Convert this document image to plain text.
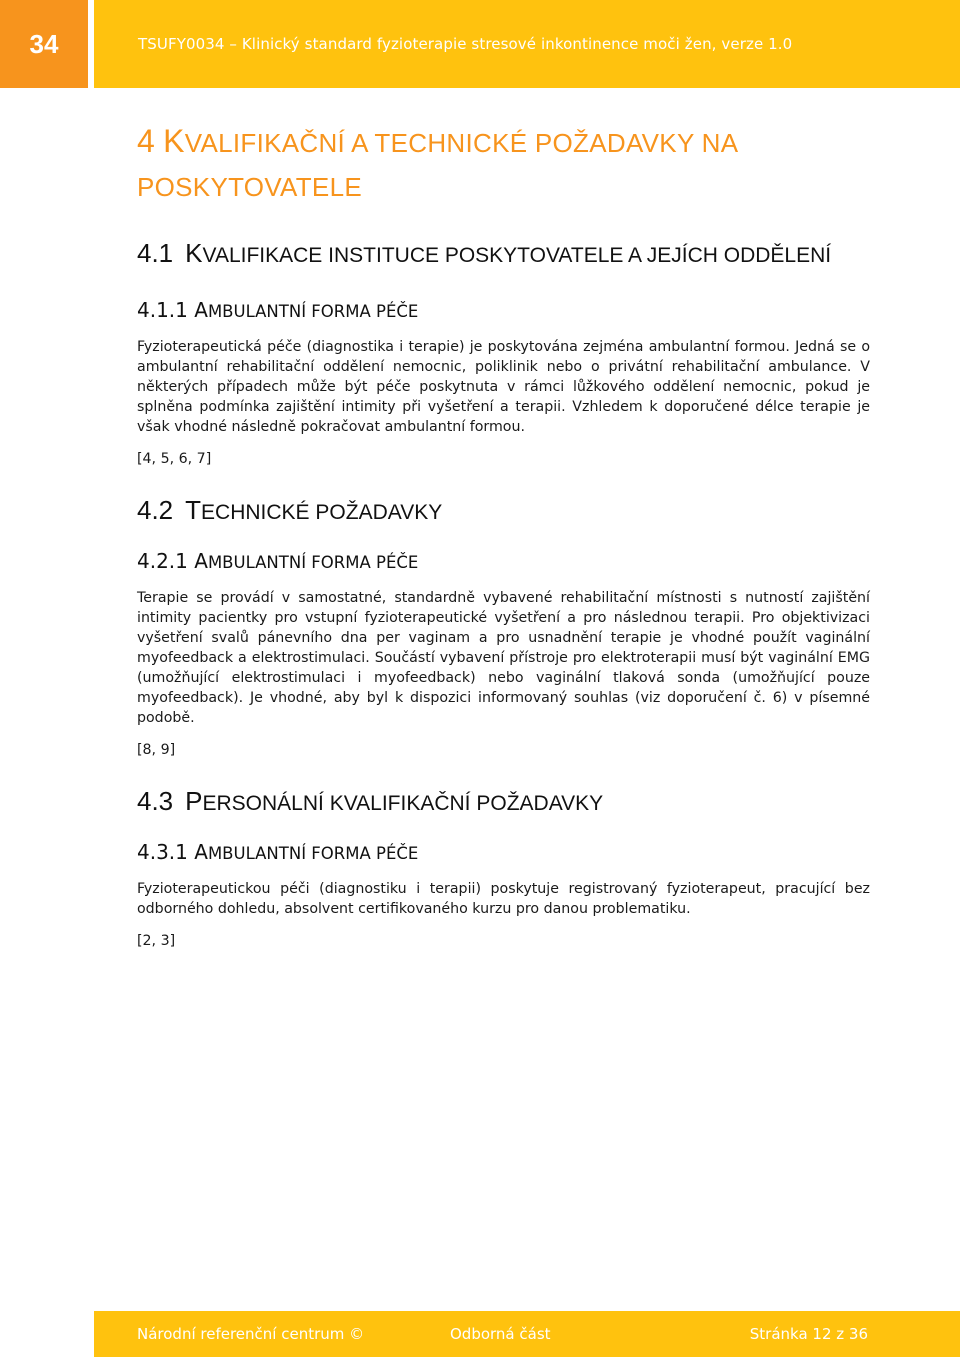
34	TSUFY0034 – Klinický standard fyzioterapie stresové inkontinence moči žen, verze 1.0
4 KVALIFIKAČNÍ A TECHNICKÉ POŽADAVKY NA POSKYTOVATELE
4.1 KVALIFIKACE INSTITUCE POSKYTOVATELE A JEJÍCH ODDĚLENÍ
4.1.1 AMBULANTNÍ FORMA PÉČE

Fyzioterapeutická péče (diagnostika i terapie) je poskytována zejména ambulantní formou. Jedná se o ambulantní rehabilitační oddělení nemocnic, poliklinik nebo o privátní rehabilitační ambulance. V některých případech může být péče poskytnuta v rámci lůžkového oddělení nemocnic, pokud je splněna podmínka zajištění intimity při vyšetření a terapii. Vzhledem k doporučené délce terapie je však vhodné následně pokračovat ambulantní formou.

[4, 5, 6, 7]

4.2 TECHNICKÉ POŽADAVKY
4.2.1 AMBULANTNÍ FORMA PÉČE

Terapie se provádí v samostatné, standardně vybavené rehabilitační místnosti s nutností zajištění intimity pacientky pro vstupní fyzioterapeutické vyšetření a pro následnou terapii. Pro objektivizaci vyšetření svalů pánevního dna per vaginam a pro usnadnění terapie je vhodné použít vaginální myofeedback a elektrostimulaci. Součástí vybavení přístroje pro elektroterapii musí být vaginální EMG (umožňující elektrostimulaci i myofeedback) nebo vaginální tlaková sonda (umožňující pouze myofeedback). Je vhodné, aby byl k dispozici informovaný souhlas (viz doporučení č. 6) v písemné podobě.

[8, 9]

4.3 PERSONÁLNÍ KVALIFIKAČNÍ POŽADAVKY
4.3.1 AMBULANTNÍ FORMA PÉČE

Fyzioterapeutickou péči (diagnostiku i terapii) poskytuje registrovaný fyzioterapeut, pracující bez odborného dohledu, absolvent certifikovaného kurzu pro danou problematiku.

[2, 3]

Národní referenční centrum ©	Odborná část	Stránka 12 z 36
